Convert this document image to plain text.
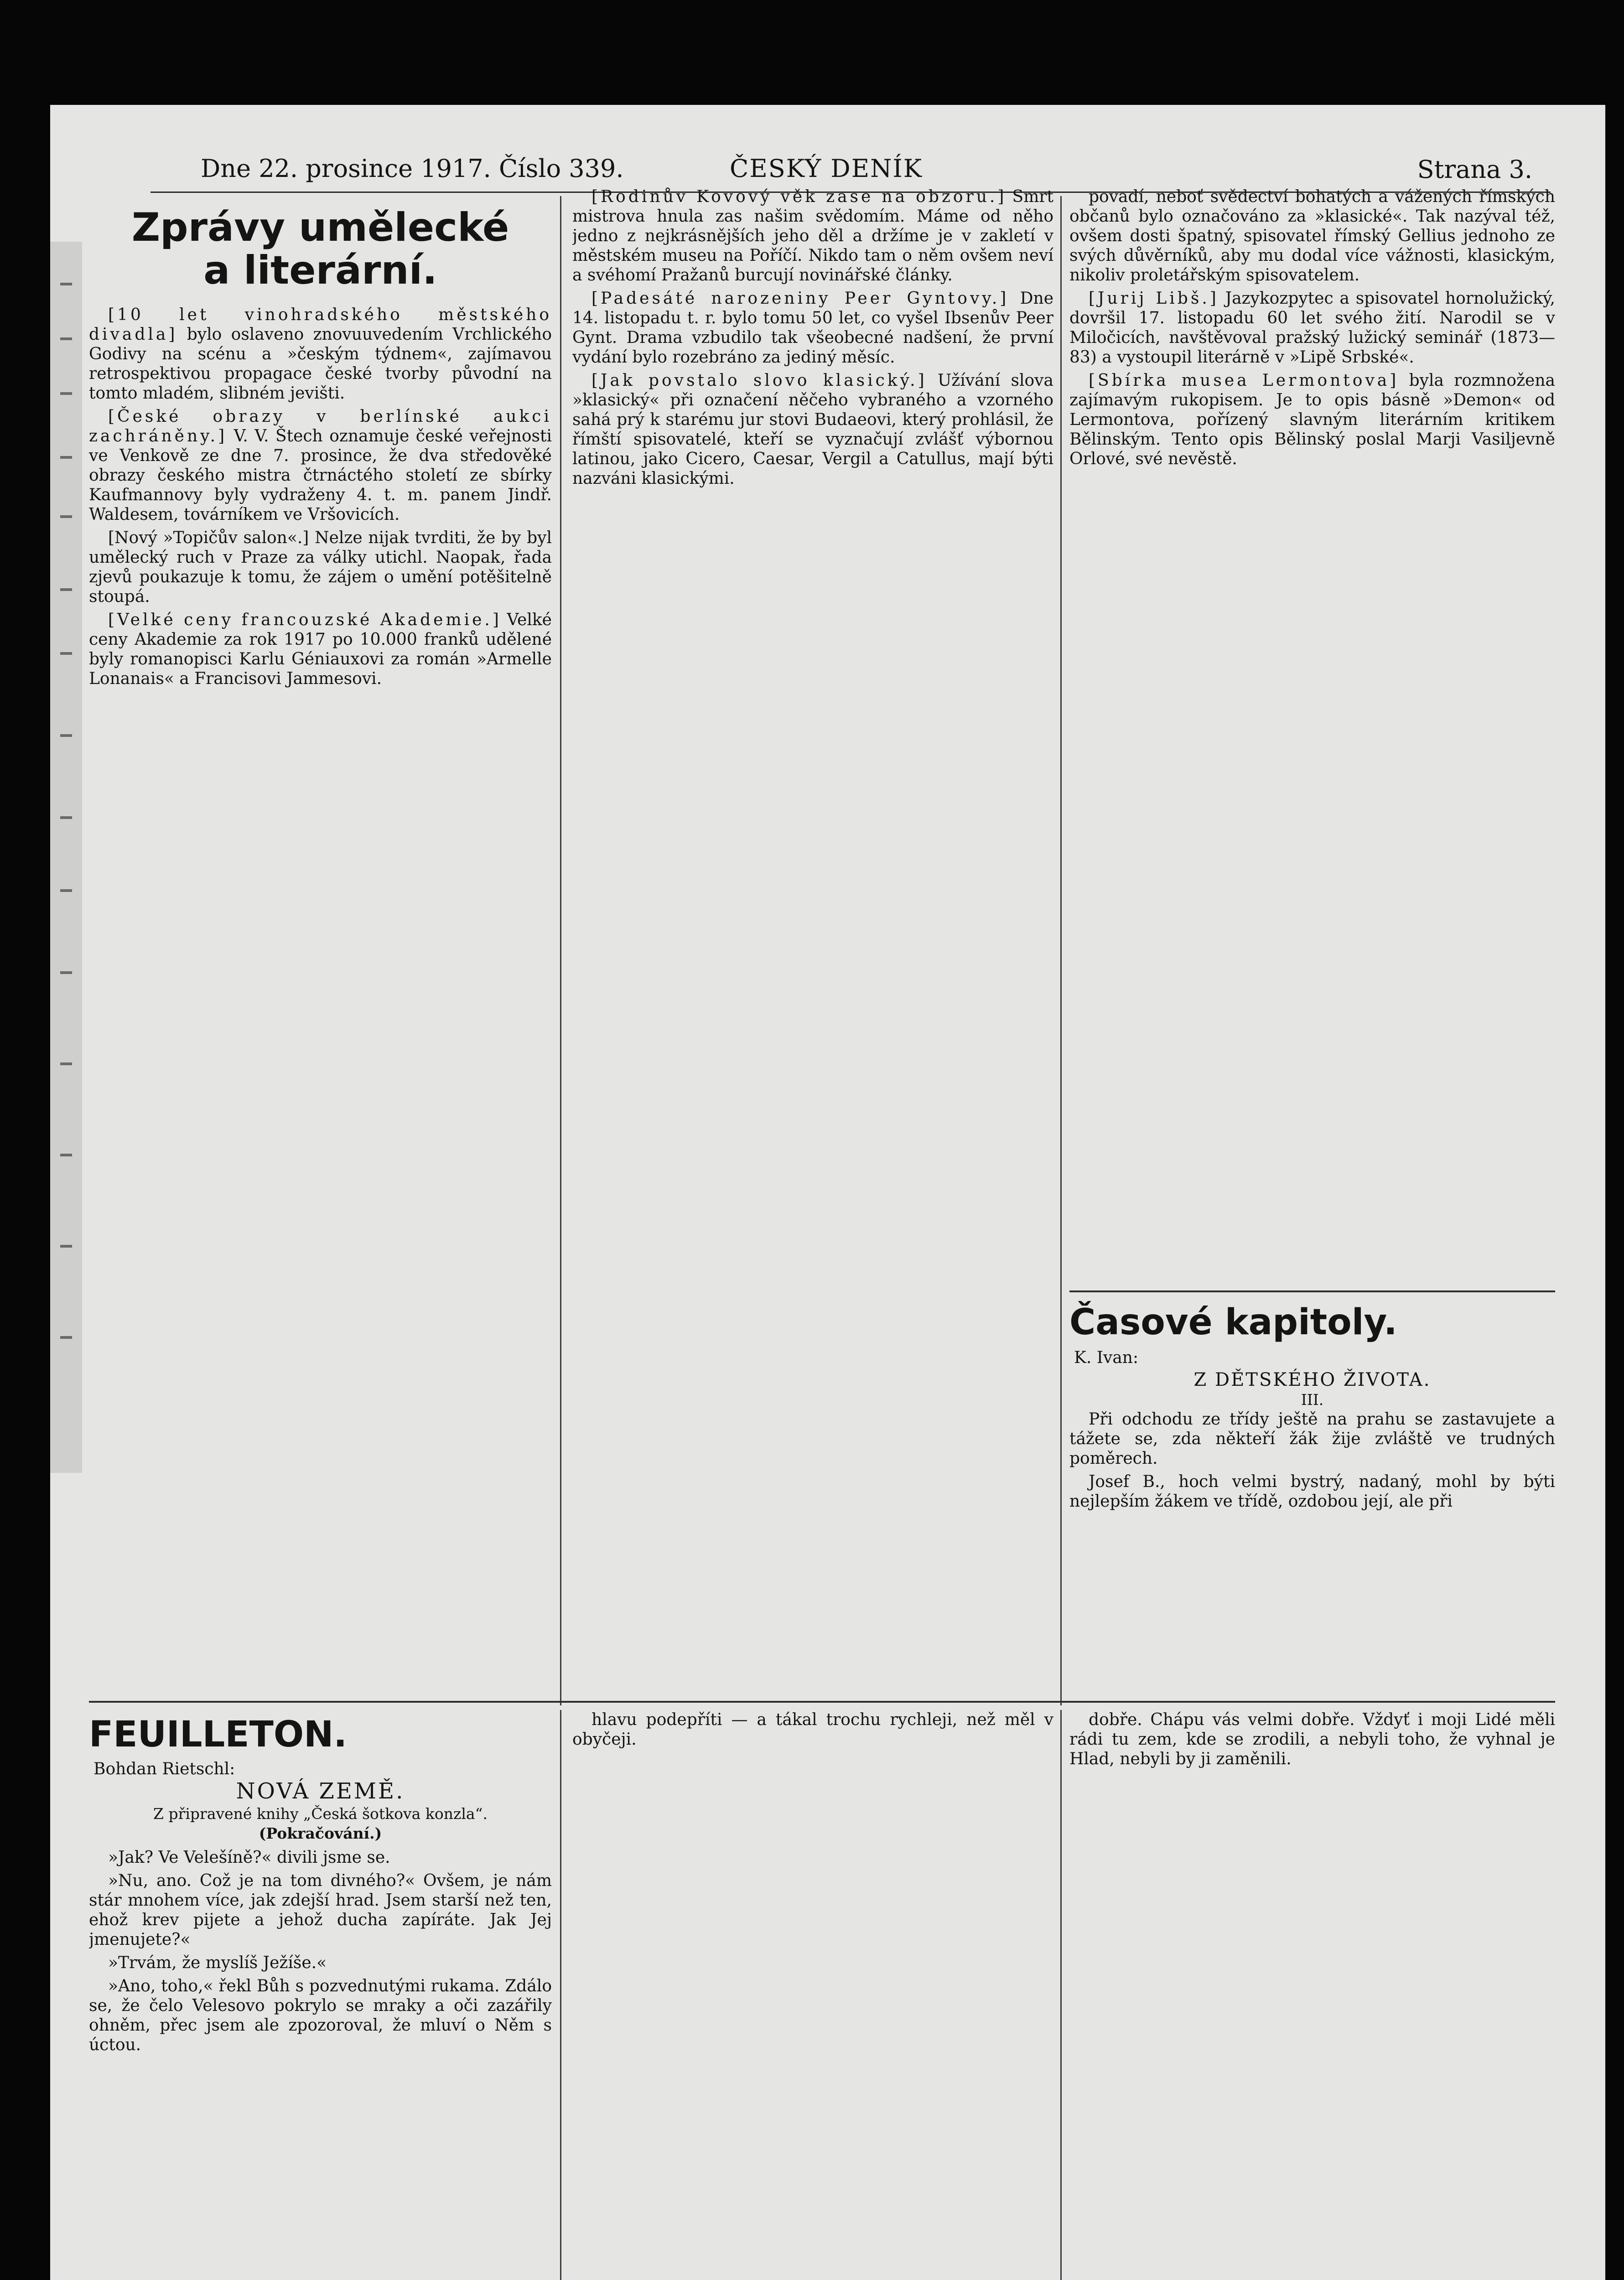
Dne 22. prosince 1917. Číslo 339.	ČESKÝ DENÍK	Strana 3.
Zprávy umělecké
a literární.

[10 let vinohradského městského divadla] bylo oslaveno znovuuvedením Vrchlického Godivy na scénu a »českým týdnem«, zajímavou retrospektivou propagace české tvorby původní na tomto mladém, slibném jevišti.

[České obrazy v berlínské aukci zachráněny.] V. V. Štech oznamuje české veřejnosti ve Venkově ze dne 7. prosince, že dva středověké obrazy českého mistra čtrnáctého století ze sbírky Kaufmannovy byly vydraženy 4. t. m. panem Jindř. Waldesem, továrníkem ve Vršovicích.

[Nový »Topičův salon«.] Nelze nijak tvrditi, že by byl umělecký ruch v Praze za války utichl. Naopak, řada zjevů poukazuje k tomu, že zájem o umění potěšitelně stoupá.

[Velké ceny francouzské Akademie.] Velké ceny Akademie za rok 1917 po 10.000 franků udělené byly romanopisci Karlu Géniauxovi za román »Armelle Lonanais« a Francisovi Jammesovi.

[Rodinův Kovový věk zase na obzoru.] Smrt mistrova hnula zas našim svědomím. Máme od něho jedno z nejkrásnějších jeho děl a držíme je v zakletí v městském museu na Poříčí. Nikdo tam o něm ovšem neví a svéhomí Pražanů burcují novinářské články.

[Padesáté narozeniny Peer Gyntovy.] Dne 14. listopadu t. r. bylo tomu 50 let, co vyšel Ibsenův Peer Gynt. Drama vzbudilo tak všeobecné nadšení, že první vydání bylo rozebráno za jediný měsíc.

[Jak povstalo slovo klasický.] Užívání slova »klasický« při označení něčeho vybraného a vzorného sahá prý k starému jur stovi Budaeovi, který prohlásil, že římští spisovatelé, kteří se vyznačují zvlášť výbornou latinou, jako Cicero, Caesar, Vergil a Catullus, mají býti nazváni klasickými.

povadí, neboť svědectví bohatých a vážených římských občanů bylo označováno za »klasické«. Tak nazýval též, ovšem dosti špatný, spisovatel římský Gellius jednoho ze svých důvěrníků, aby mu dodal více vážnosti, klasickým, nikoliv proletářským spisovatelem.

[Jurij Libš.] Jazykozpytec a spisovatel hornolužický, dovršil 17. listopadu 60 let svého žití. Narodil se v Miločicích, navštěvoval pražský lužický seminář (1873—83) a vystoupil literárně v »Lipě Srbské«.

[Sbírka musea Lermontova] byla rozmnožena zajímavým rukopisem. Je to opis básně »Demon« od Lermontova, pořízený slavným literárním kritikem Bělinským. Tento opis Bělinský poslal Marji Vasiljevně Orlové, své nevěstě.

Časové kapitoly.
K. Ivan:
Z DĚTSKÉHO ŽIVOTA.
III.

Při odchodu ze třídy ještě na prahu se zastavujete a tážete se, zda někteří žák žije zvláště ve trudných poměrech.

Josef B., hoch velmi bystrý, nadaný, mohl by býti nejlepším žákem ve třídě, ozdobou její, ale při

FEUILLETON.
Bohdan Rietschl:
NOVÁ ZEMĚ.
Z připravené knihy „Česká šotkova konzla“.
(Pokračování.)

»Jak? Ve Velešíně?« divili jsme se.

»Nu, ano. Což je na tom divného?« Ovšem, je nám stár mnohem více, jak zdejší hrad. Jsem starší než ten, ehož krev pijete a jehož ducha zapíráte. Jak Jej jmenujete?«

»Trvám, že myslíš Ježíše.«

»Ano, toho,« řekl Bůh s pozvednutými rukama. Zdálo se, že čelo Velesovo pokrylo se mraky a oči zazářily ohněm, přec jsem ale zpozoroval, že mluví o Něm s úctou.

hlavu podepříti — a tákal trochu rychleji, než měl v obyčeji.

dobře. Chápu vás velmi dobře. Vždyť i moji Lidé měli rádi tu zem, kde se zrodili, a nebyli toho, že vyhnal je Hlad, nebyli by ji zaměnili.
